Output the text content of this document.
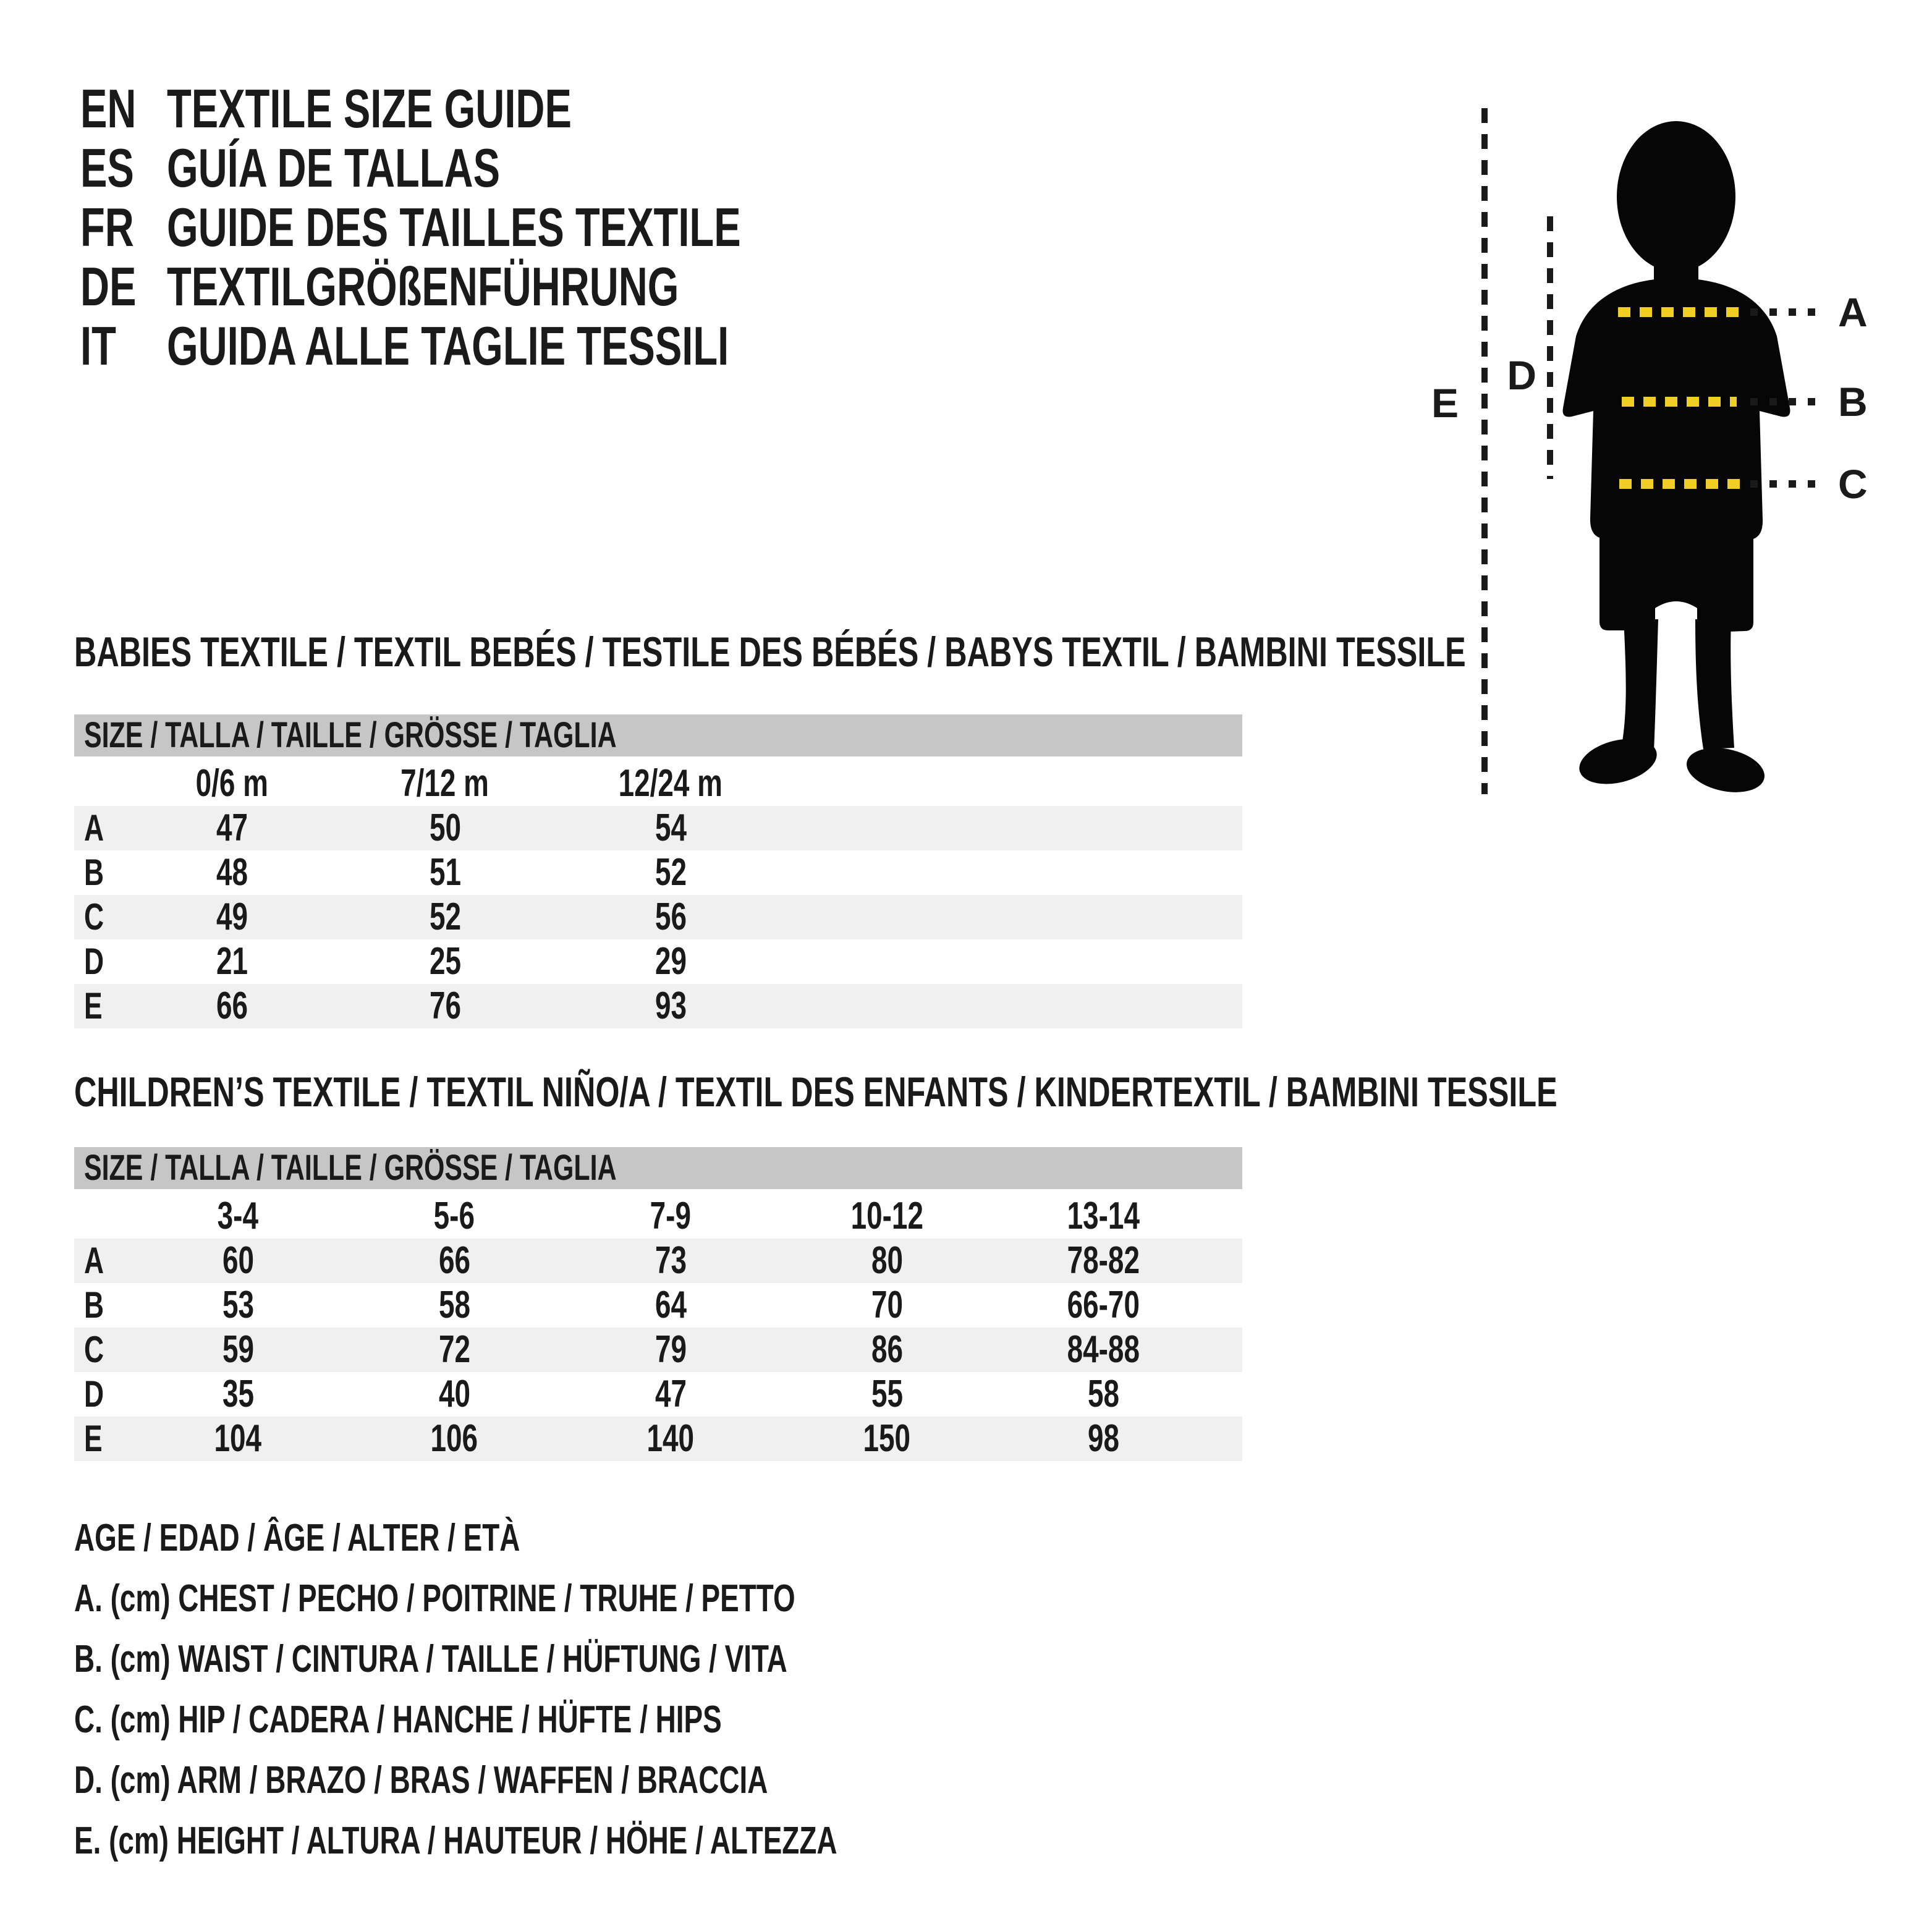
EN TEXTILE SIZE GUIDE
ES GUÍA DE TALLAS
FR GUIDE DES TAILLES TEXTILE
DE TEXTILGRÖßENFÜHRUNG
IT GUIDA ALLE TAGLIE TESSILI
A
B
C
D
E
BABIES TEXTILE / TEXTIL BEBÉS / TESTILE DES BÉBÉS / BABYS TEXTIL / BAMBINI TESSILE
SIZE / TALLA / TAILLE / GRÖSSE / TAGLIA
0/6 m	7/12 m	12/24 m
A	47	50	54
B	48	51	52
C	49	52	56
D	21	25	29
E	66	76	93
CHILDREN’S TEXTILE / TEXTIL NIÑO/A / TEXTIL DES ENFANTS / KINDERTEXTIL / BAMBINI TESSILE
SIZE / TALLA / TAILLE / GRÖSSE / TAGLIA
3-4	5-6	7-9	10-12	13-14
A	60	66	73	80	78-82
B	53	58	64	70	66-70
C	59	72	79	86	84-88
D	35	40	47	55	58
E	104	106	140	150	98
AGE / EDAD / ÂGE / ALTER / ETÀ
A. (cm) CHEST / PECHO / POITRINE / TRUHE / PETTO
B. (cm) WAIST / CINTURA / TAILLE / HÜFTUNG / VITA
C. (cm) HIP / CADERA / HANCHE / HÜFTE / HIPS
D. (cm) ARM / BRAZO / BRAS / WAFFEN / BRACCIA
E. (cm) HEIGHT / ALTURA / HAUTEUR / HÖHE / ALTEZZA
